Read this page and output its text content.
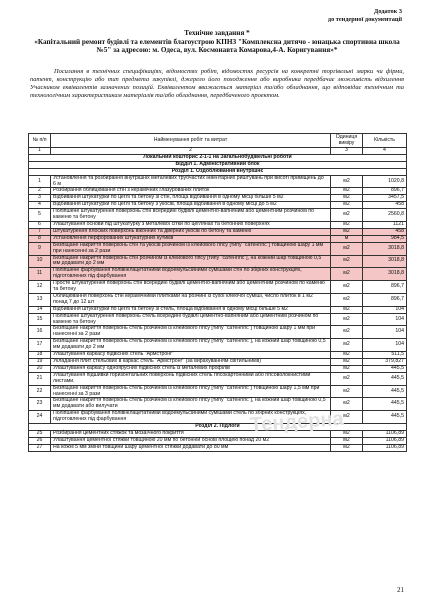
Додаток 3
до тендерної документації
Технічне завдання *
«Капітальний ремонт будівлі та елементів благоустрою КПНЗ "Комплексна дитячо - юнацька спортивна школа №5" за адресою: м. Одеса, вул. Космонавта Комарова,4-А. Коригування»*
Посилання в технічних специфікаціях, відомостях робіт, відомостях ресурсів на конкретні торгівельні марки чи фірми, патент, конструкцію або тип предмета закупівлі, джерело його походження або виробника передбачає можливість відхилення Учасником еквівалентів зазначених позицій. Еквівалентом вважається матеріал та/або обладнання, що відповідає технічним та технологічним характеристикам матеріалів та/або обладнання, передбаченого проектом.
№ п/п	Найменування робіт та витрат	Одиниця виміру	Кількість
1	2	3	4
Локальний кошторис 2-1-1 на Загальнобудівельні роботи			
Відділ 1. Адміністративний блок			
Розділ 1. Оздоблювання внутрішнє			
1	Установлення та розбирання внутрішніх металевих трубчастих інвентарних риштувань при висоті приміщень до 6 м	м2	1020,8
2	Розбирання облицювання стін з керамічних глазурованих плиток	м2	896,7
3	Відбивання штукатурки по цеглі та бетону зі стін, площа відбивання в одному місці більше 5 м2	м2	3457,5
4	Відбивання штукатурки по цеглі та бетону з укосів, площа відбивання в одному місці до 5 м2	м2	458
5	Поліпшене штукатурення поверхонь стін всередині будівлі цементно-вапняним або цементним розчином по каменю та бетону	м2	2560,8
6	Улаштування основи під штукатурку з металевої сітки по цеглянах та бетонних поверхнях	м2	1121
7	Штукатурення плоских поверхонь віконних та дверних укосів по бетону та каменю	м2	458
8	Установлення перфорованих штукатурних кутиків	м	984,5
9	Безпіщане накриття поверхонь стін та укосів розчином із клейового гіпсу [типу "сатенгіпс"] товщиною шару 1 мм при нанесенні за 2 рази	м2	3018,8
10	Безпіщане накриття поверхонь стін розчином із клейового гіпсу [типу "сатенгіпс"], на кожний шар товщиною 0,5 мм додавати до 2 мм	м2	3018,8
11	Поліпшене фарбування полівінілацетатними водоемульсійними сумішами стін по збірних конструкціях, підготовлених під фарбування	м2	3018,8
12	Просте штукатурення поверхонь стін всередині будівлі цементно-вапняним або цементним розчином по каменю та бетону	м2	896,7
13	Облицювання поверхонь стін керамічними плитками на розчині із сухої клеючої суміші, число плиток в 1 м2 понад 7 до 12 шт	м2	896,7
14	Відбивання штукатурки по цеглі та бетону зі стель, площа відбивання в одному місці більше 5 м2	м2	104
15	Поліпшене штукатурення поверхонь стель всередині будівлі цементно-вапняним або цементним розчином по каменю та бетону	м2	104
16	Безпіщане накриття поверхонь стель розчином із клейового гіпсу [типу "сатенгіпс"] товщиною шару 1 мм при нанесенні за 2 рази	м2	104
17	Безпіщане накриття поверхонь стель розчином із клейового гіпсу [типу "сатенгіпс"], на кожний шар товщиною 0,5 мм додавати до 2 мм	м2	104
18	Улаштування каркасу підвісних стель "Армстронг"	м2	511,5
19	Укладання плит стельових в каркас стель "Армстронг" (за вирахуванням світильників)	м2	379,827
20	Улаштування каркасу одноярусних підвісних стель із металевих профілів	м2	445,5
21	Улаштування підшивки горизонтальних поверхонь підвісних стель гіпсокартонними або гіпсоволокнистими листами.	м2	445,5
22	Безпіщане накриття поверхонь стель розчином із клейового гіпсу [типу "сатенгіпс"] товщиною шару 1,5 мм при нанесенні за 3 рази	м2	445,5
23	Безпіщане накриття поверхонь стель розчином із клейового гіпсу [типу "сатенгіпс"], на кожний шар товщиною 0,5 мм додавати або вилучати	м2	445,5
24	Поліпшене фарбування полівінілацетатними водоемульсійними сумішами стель по збірних конструкціях, підготовлених під фарбування	м2	445,5
Розділ 2. Підлоги			
25	Розбирання цементних стяжок та мозаїчного покриття	м2	1106,89
26	Улаштування цементної стяжки товщиною 20 мм по бетонній основі площею понад 20 м2	м2	1106,89
27	На кожні 5 мм зміни товщини шару цементної стяжки додавати до 80 мм	м2	1106,89
Тендерна
21
